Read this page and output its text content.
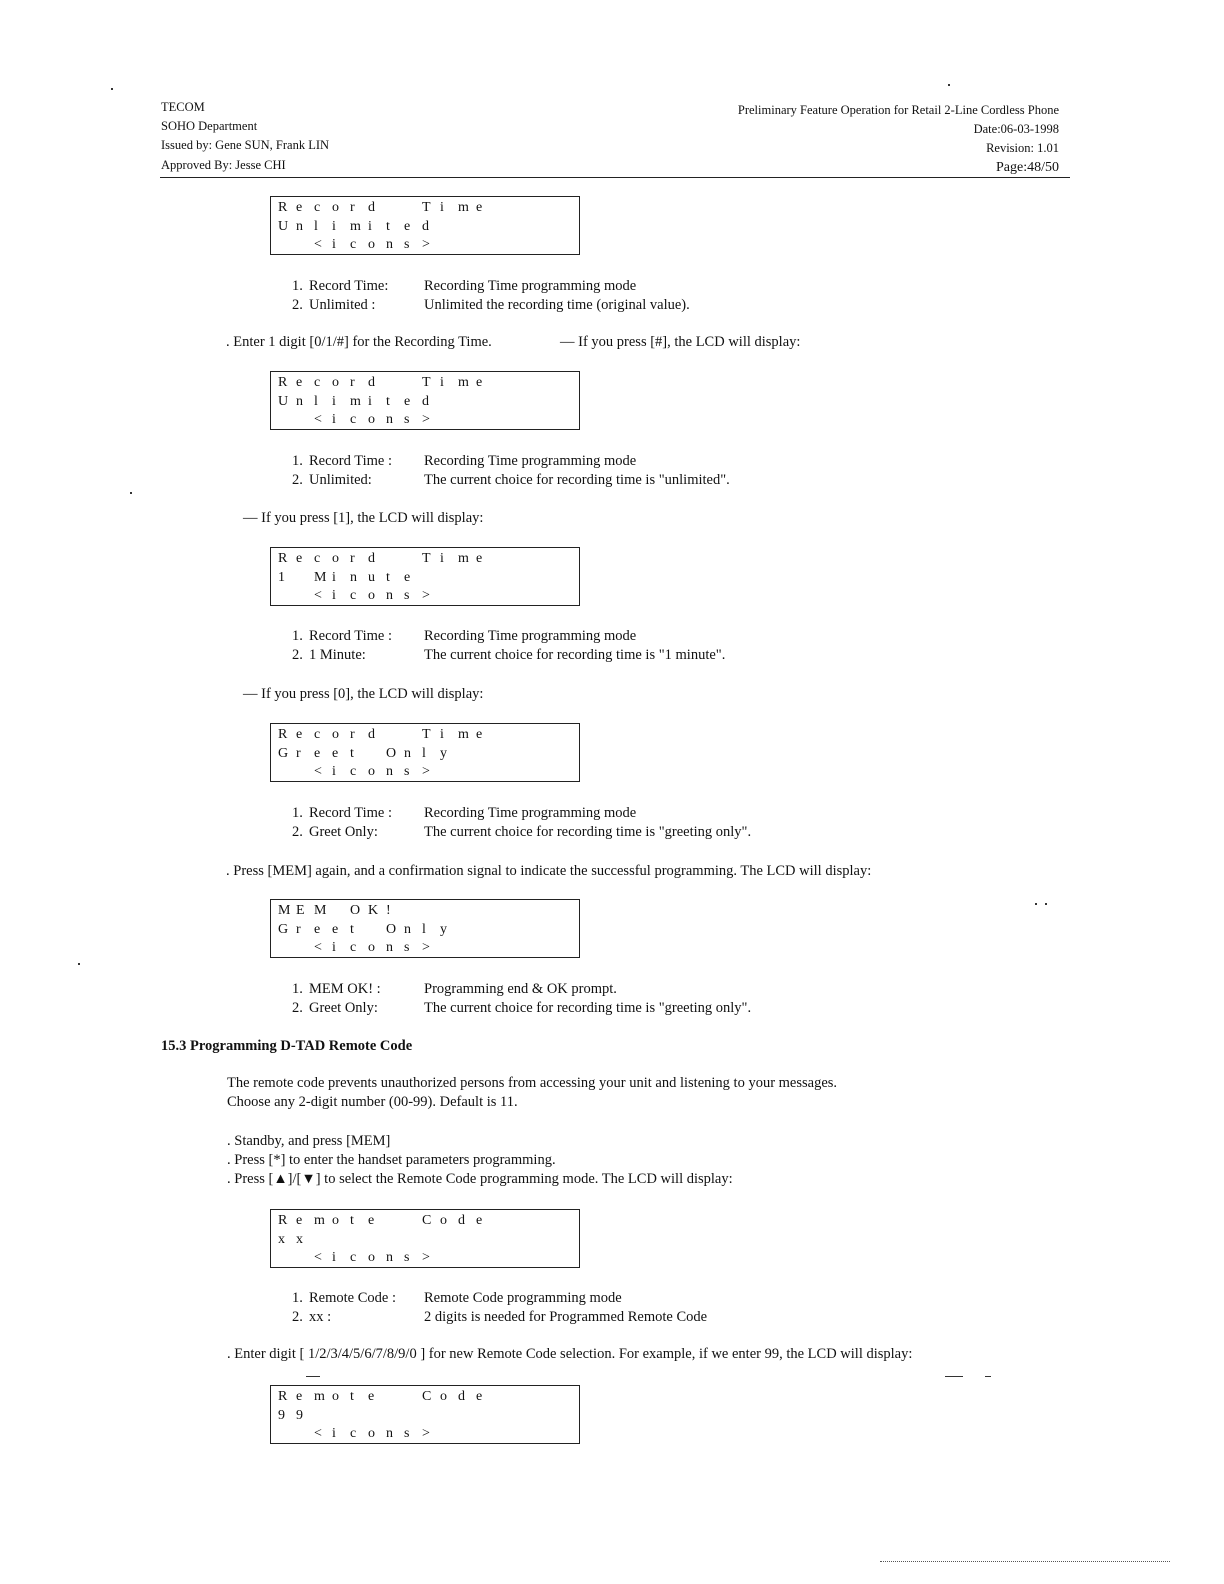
TECOM
SOHO Department
Issued by: Gene SUN, Frank LIN
Approved By: Jesse CHI
Preliminary Feature Operation for Retail 2-Line Cordless Phone
Date:06-03-1998
Revision: 1.01
Page:48/50
R e c o r d	T i m e
U n l i m i t e d
< i c o n s >
1. Record Time: Recording Time programming mode
2. Unlimited :	Unlimited the recording time (original value).
. Enter 1 digit [0/1/#] for the Recording Time.	— If you press [#], the LCD will display:
R e c o r d	T i m e
U n l i m i t e d
< i c o n s >
1. Record Time : Recording Time programming mode
2. Unlimited:	The current choice for recording time is "unlimited".
— If you press [1], the LCD will display:
R e c o r d	T i m e
1 M i n u t e
< i c o n s >
1. Record Time : Recording Time programming mode
2. 1 Minute:	The current choice for recording time is "1 minute".
— If you press [0], the LCD will display:
R e c o r d	T i m e
G r e e t O n l y
< i c o n s >
1. Record Time : Recording Time programming mode
2. Greet Only:	The current choice for recording time is "greeting only".
. Press [MEM] again, and a confirmation signal to indicate the successful programming. The LCD will display:
M E M O K !
G r e e t O n l y
< i c o n s >
1. MEM OK! :	Programming end & OK prompt.
2. Greet Only:	The current choice for recording time is "greeting only".
15.3 Programming D-TAD Remote Code
The remote code prevents unauthorized persons from accessing your unit and listening to your messages.
Choose any 2-digit number (00-99). Default is 11.
. Standby, and press [MEM]
. Press [*] to enter the handset parameters programming.
. Press [▲]/[▼] to select the Remote Code programming mode. The LCD will display:
R e m o t e	C o d e
x x
< i c o n s >
1. Remote Code : Remote Code programming mode
2. xx :	2 digits is needed for Programmed Remote Code
. Enter digit [ 1/2/3/4/5/6/7/8/9/0 ] for new Remote Code selection. For example, if we enter 99, the LCD will display:
R e m o t e	C o d e
9 9
< i c o n s >
